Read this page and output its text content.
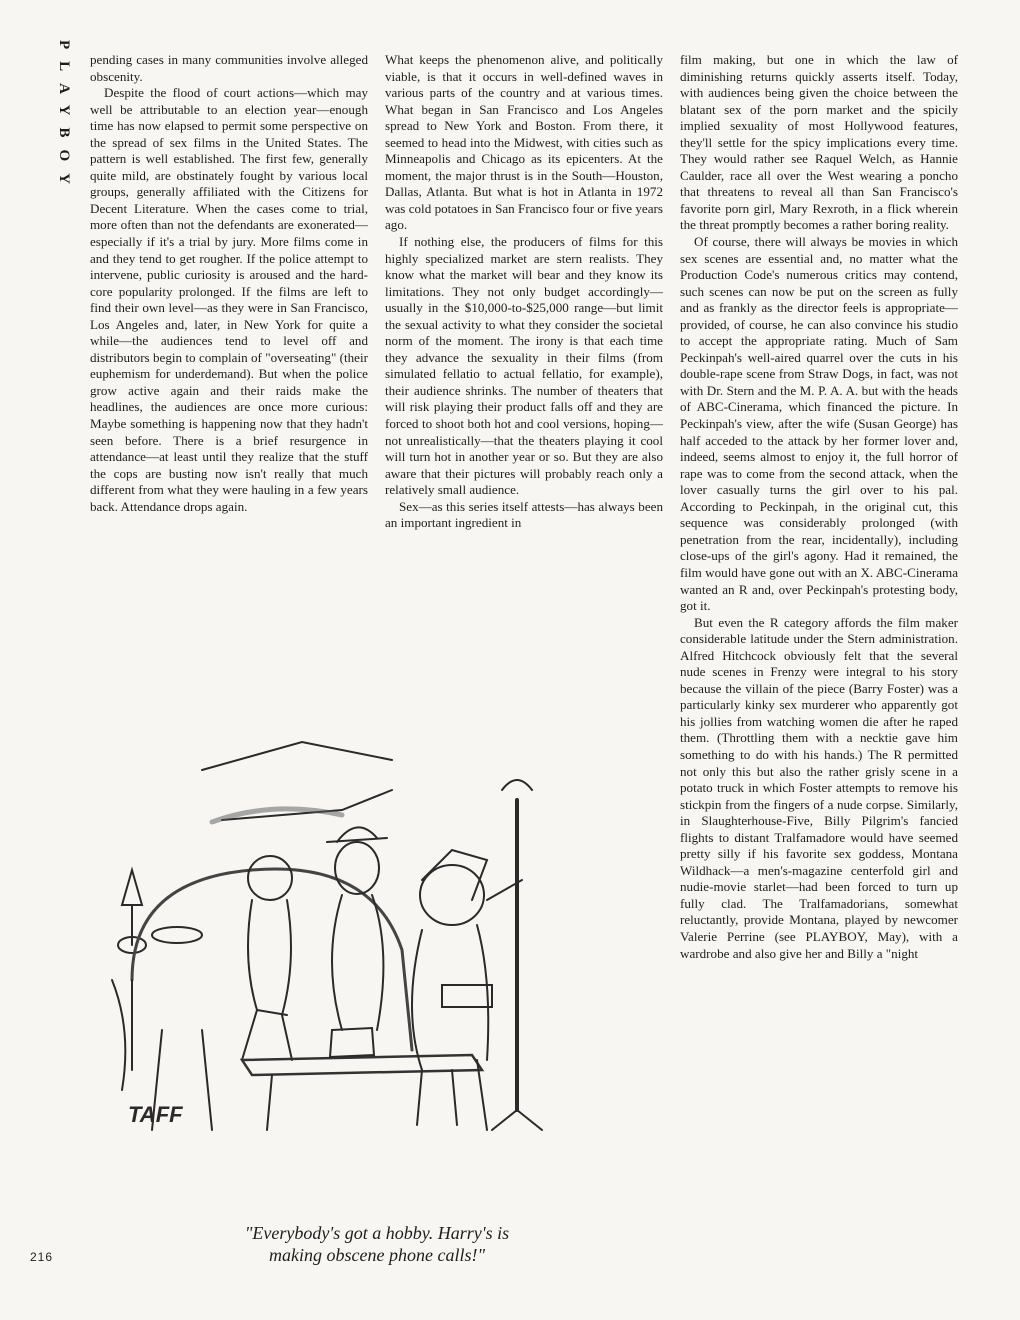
PLAYBOY pending cases in many communities involve alleged obscenity.

Despite the flood of court actions—which may well be attributable to an election year—enough time has now elapsed to permit some perspective on the spread of sex films in the United States. The pattern is well established. The first few, generally quite mild, are obstinately fought by various local groups, generally affiliated with the Citizens for Decent Literature. When the cases come to trial, more often than not the defendants are exonerated—especially if it's a trial by jury. More films come in and they tend to get rougher. If the police attempt to intervene, public curiosity is aroused and the hard-core popularity prolonged. If the films are left to find their own level—as they were in San Francisco, Los Angeles and, later, in New York for quite a while—the audiences tend to level off and distributors begin to complain of "overseating" (their euphemism for underdemand). But when the police grow active again and their raids make the headlines, the audiences are once more curious: Maybe something is happening now that they hadn't seen before. There is a brief resurgence in attendance—at least until they realize that the stuff the cops are busting now isn't really that much different from what they were hauling in a few years back. Attendance drops again.

What keeps the phenomenon alive, and politically viable, is that it occurs in well-defined waves in various parts of the country and at various times. What began in San Francisco and Los Angeles spread to New York and Boston. From there, it seemed to head into the Midwest, with cities such as Minneapolis and Chicago as its epicenters. At the moment, the major thrust is in the South—Houston, Dallas, Atlanta. But what is hot in Atlanta in 1972 was cold potatoes in San Francisco four or five years ago.

If nothing else, the producers of films for this highly specialized market are stern realists. They know what the market will bear and they know its limitations. They not only budget accordingly—usually in the $10,000-to-$25,000 range—but limit the sexual activity to what they consider the societal norm of the moment. The irony is that each time they advance the sexuality in their films (from simulated fellatio to actual fellatio, for example), their audience shrinks. The number of theaters that will risk playing their product falls off and they are forced to shoot both hot and cool versions, hoping—not unrealistically—that the theaters playing it cool will turn hot in another year or so. But they are also aware that their pictures will probably reach only a relatively small audience.

Sex—as this series itself attests—has always been an important ingredient in

film making, but one in which the law of diminishing returns quickly asserts itself. Today, with audiences being given the choice between the blatant sex of the porn market and the spicily implied sexuality of most Hollywood features, they'll settle for the spicy implications every time. They would rather see Raquel Welch, as Hannie Caulder, race all over the West wearing a poncho that threatens to reveal all than San Francisco's favorite porn girl, Mary Rexroth, in a flick wherein the threat promptly becomes a rather boring reality.

Of course, there will always be movies in which sex scenes are essential and, no matter what the Production Code's numerous critics may contend, such scenes can now be put on the screen as fully and as frankly as the director feels is appropriate—provided, of course, he can also convince his studio to accept the appropriate rating. Much of Sam Peckinpah's well-aired quarrel over the cuts in his double-rape scene from Straw Dogs, in fact, was not with Dr. Stern and the M. P. A. A. but with the heads of ABC-Cinerama, which financed the picture. In Peckinpah's view, after the wife (Susan George) has half acceded to the attack by her former lover and, indeed, seems almost to enjoy it, the full horror of rape was to come from the second attack, when the lover casually turns the girl over to his pal. According to Peckinpah, in the original cut, this sequence was considerably prolonged (with penetration from the rear, incidentally), including close-ups of the girl's agony. Had it remained, the film would have gone out with an X. ABC-Cinerama wanted an R and, over Peckinpah's protesting body, got it.

But even the R category affords the film maker considerable latitude under the Stern administration. Alfred Hitchcock obviously felt that the several nude scenes in Frenzy were integral to his story because the villain of the piece (Barry Foster) was a particularly kinky sex murderer who apparently got his jollies from watching women die after he raped them. (Throttling them with a necktie gave him something to do with his hands.) The R permitted not only this but also the rather grisly scene in a potato truck in which Foster attempts to remove his stickpin from the fingers of a nude corpse. Similarly, in Slaughterhouse-Five, Billy Pilgrim's fancied flights to distant Tralfamadore would have seemed pretty silly if his favorite sex goddess, Montana Wildhack—a men's-magazine centerfold girl and nudie-movie starlet—had been forced to turn up fully clad. The Tralfamadorians, somewhat reluctantly, provide Montana, played by newcomer Valerie Perrine (see PLAYBOY, May), with a wardrobe and also give her and Billy a "night

TAFF
"Everybody's got a hobby. Harry's is
making obscene phone calls!"
216
